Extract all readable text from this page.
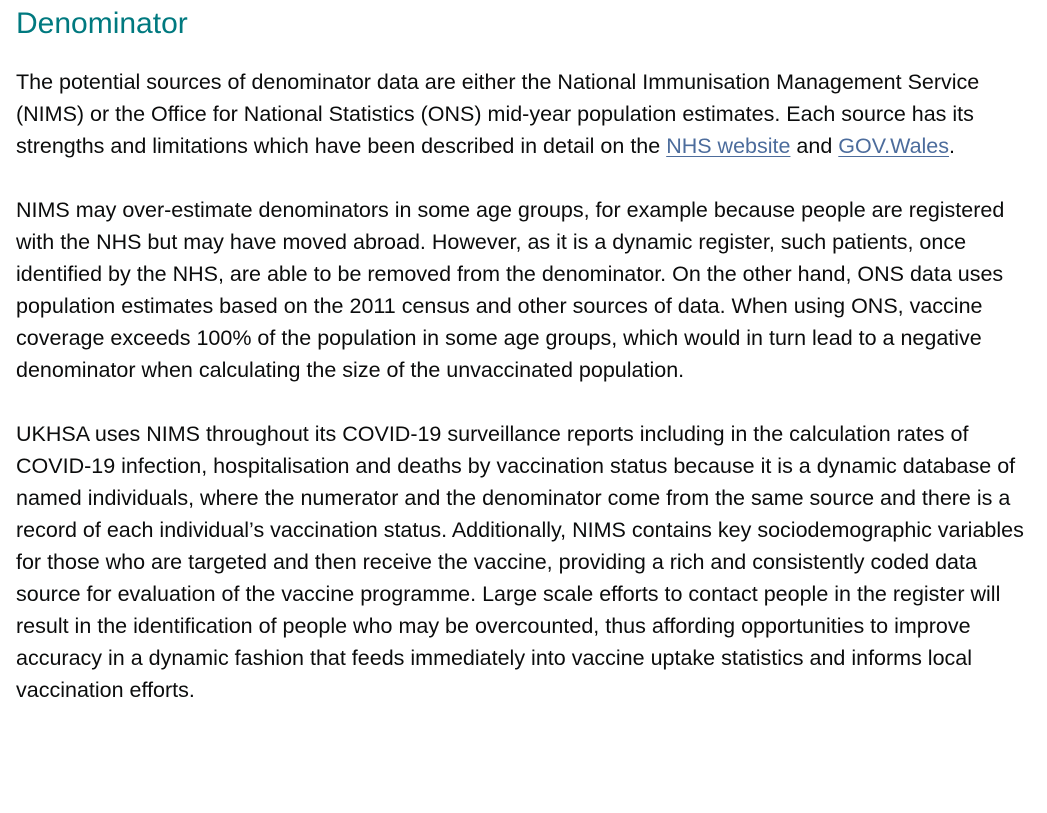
Denominator

The potential sources of denominator data are either the National Immunisation Management Service (NIMS) or the Office for National Statistics (ONS) mid-year population estimates. Each source has its strengths and limitations which have been described in detail on the NHS website and GOV.Wales.

NIMS may over-estimate denominators in some age groups, for example because people are registered with the NHS but may have moved abroad. However, as it is a dynamic register, such patients, once identified by the NHS, are able to be removed from the denominator. On the other hand, ONS data uses population estimates based on the 2011 census and other sources of data. When using ONS, vaccine coverage exceeds 100% of the population in some age groups, which would in turn lead to a negative denominator when calculating the size of the unvaccinated population.

UKHSA uses NIMS throughout its COVID-19 surveillance reports including in the calculation rates of COVID-19 infection, hospitalisation and deaths by vaccination status because it is a dynamic database of named individuals, where the numerator and the denominator come from the same source and there is a record of each individual’s vaccination status. Additionally, NIMS contains key sociodemographic variables for those who are targeted and then receive the vaccine, providing a rich and consistently coded data source for evaluation of the vaccine programme. Large scale efforts to contact people in the register will result in the identification of people who may be overcounted, thus affording opportunities to improve accuracy in a dynamic fashion that feeds immediately into vaccine uptake statistics and informs local vaccination efforts.
